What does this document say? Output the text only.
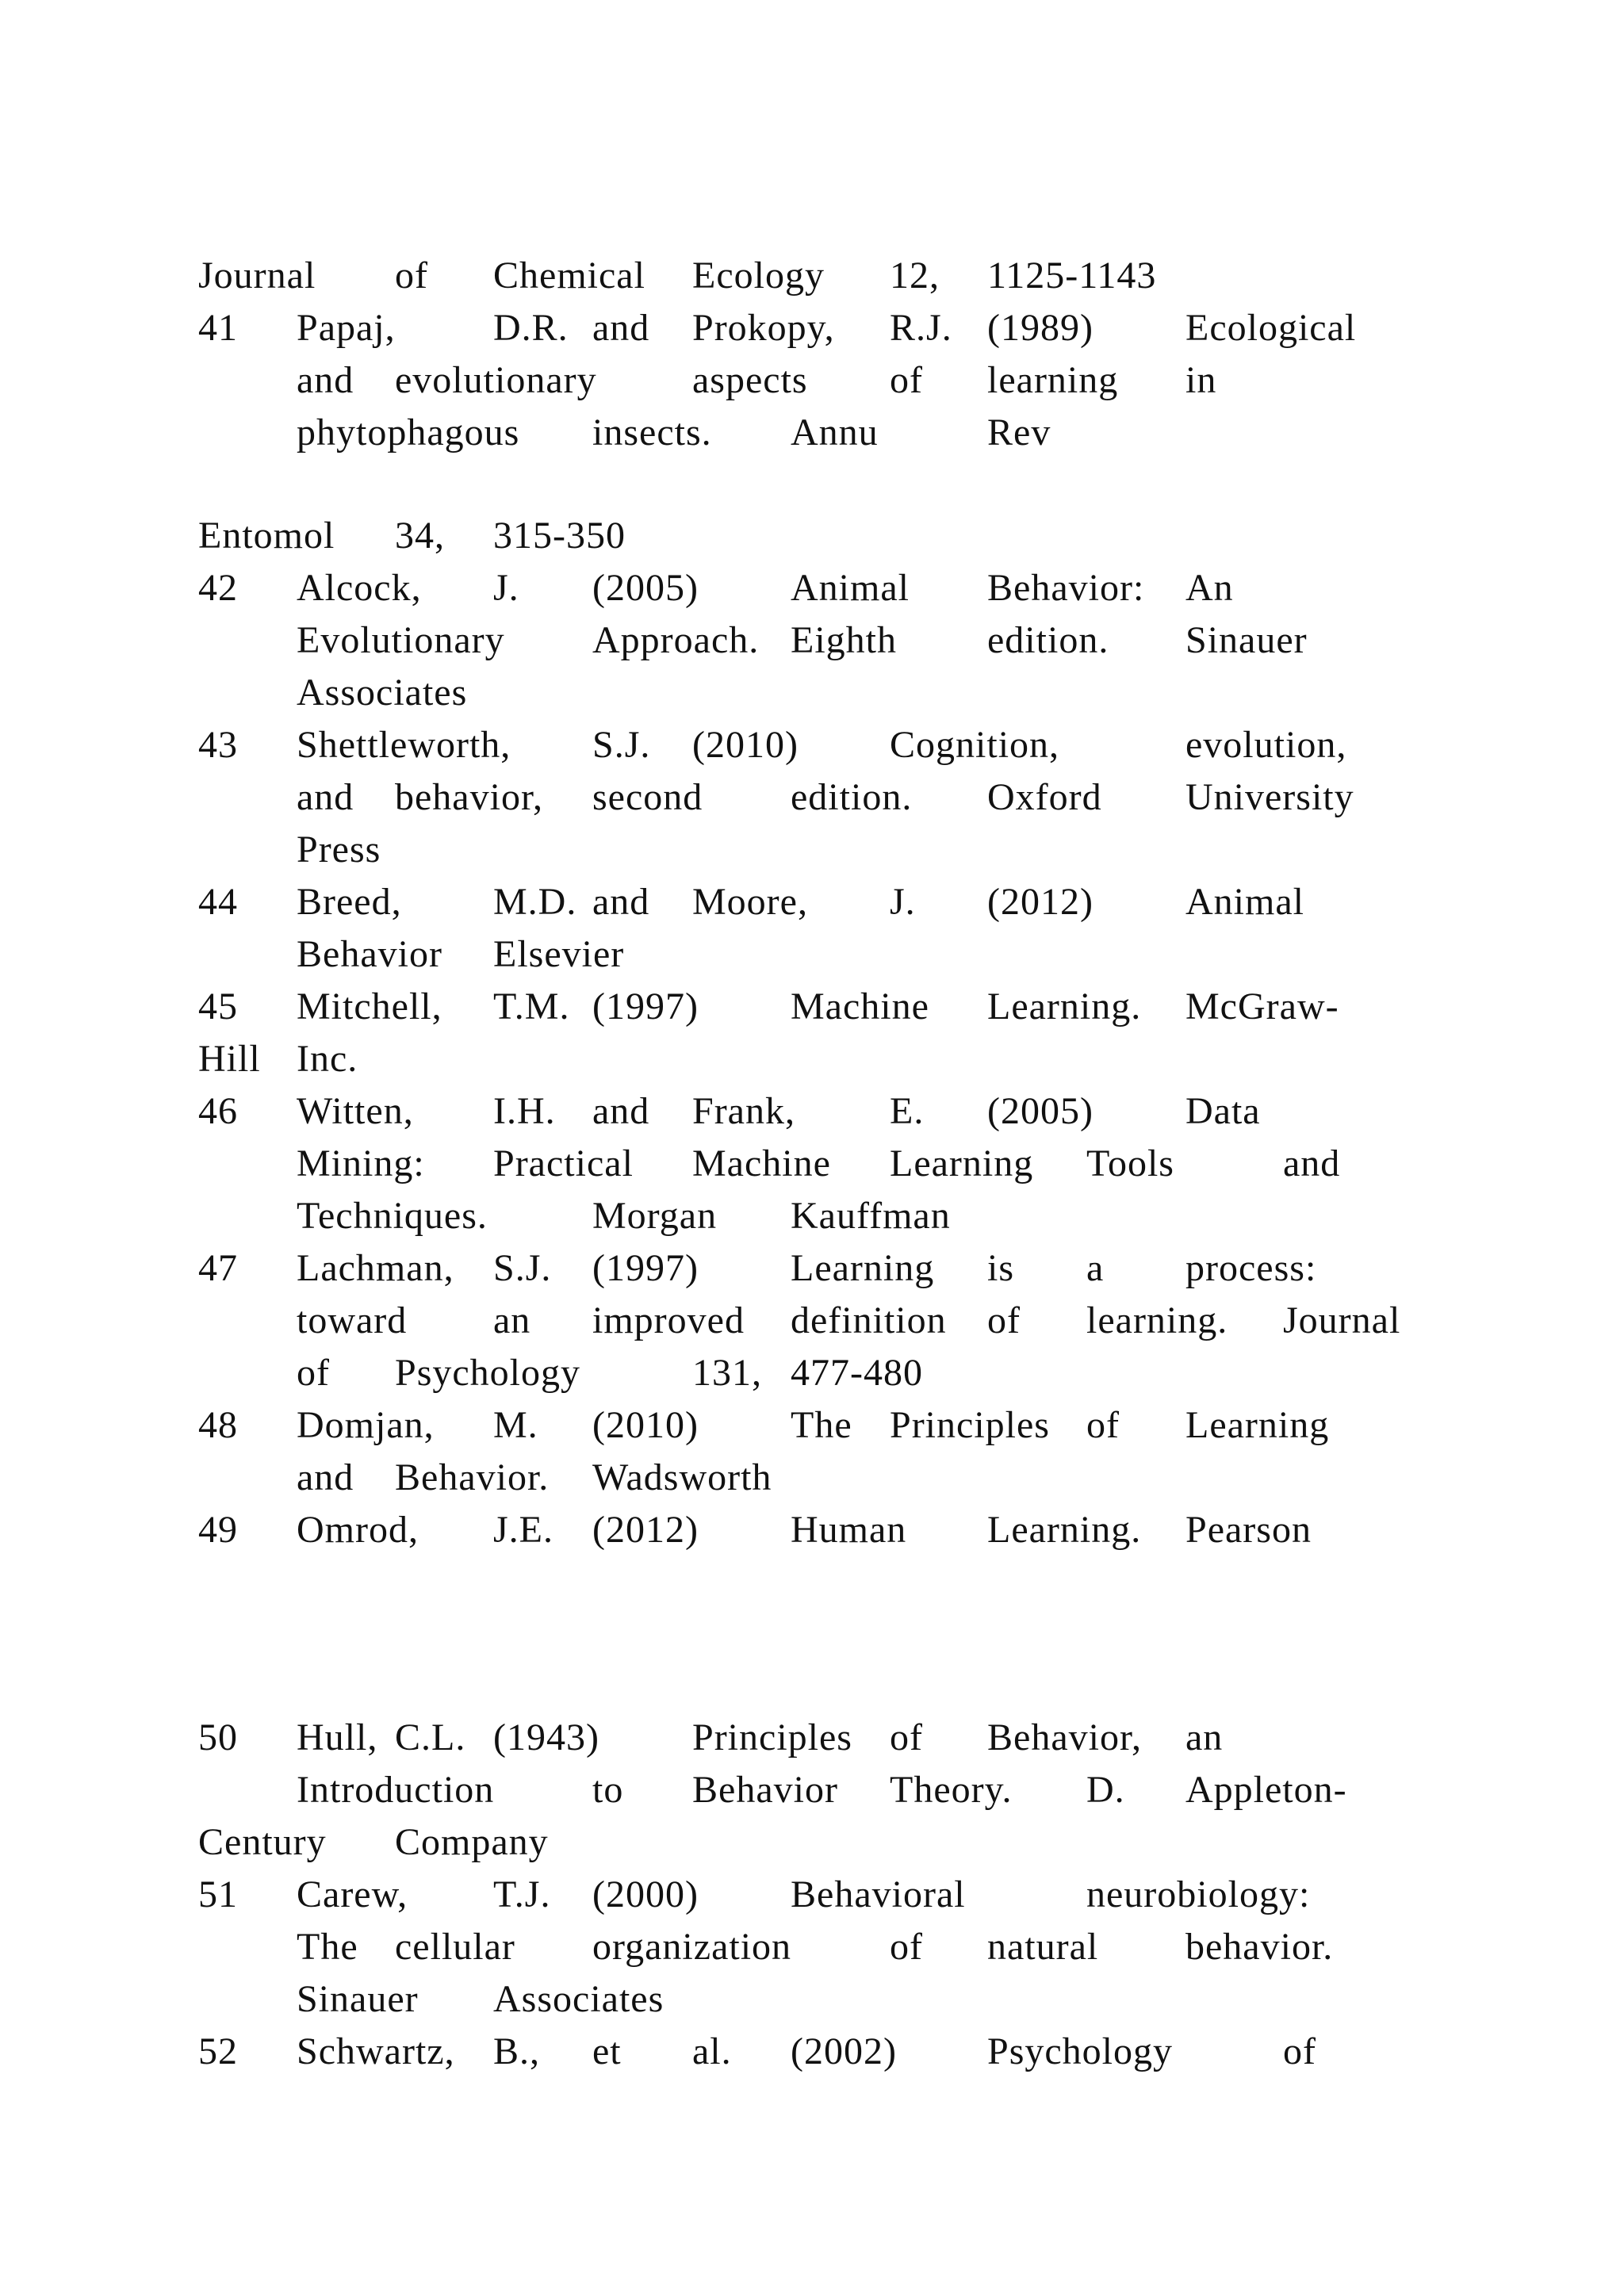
Journal of Chemical Ecology 12, 1125-1143
41 Papaj,	D.R. and Prokopy, R.J. (1989) Ecological
and evolutionary	aspects of learning in
phytophagous insects. Annu	Rev
Entomol 34, 315-350
42 Alcock, J. (2005) Animal Behavior: An
Evolutionary Approach. Eighth edition. Sinauer
Associates
43 Shettleworth, S.J. (2010) Cognition,	evolution,
and behavior, second edition. Oxford University
Press
44 Breed, M.D. and Moore, J. (2012) Animal
Behavior Elsevier
45 Mitchell, T.M. (1997) Machine Learning. McGraw-
Hill Inc.
46 Witten, I.H. and Frank, E. (2005) Data
Mining: Practical Machine Learning Tools	and
Techniques.	Morgan Kauffman
47 Lachman, S.J. (1997) Learning is a process:
toward an improved definition of learning. Journal
of Psychology	131, 477-480
48 Domjan, M. (2010) The Principles of Learning
and Behavior. Wadsworth
49 Omrod, J.E. (2012) Human Learning. Pearson
50 Hull, C.L. (1943) Principles of Behavior, an
Introduction	to Behavior Theory. D. Appleton-
Century Company
51 Carew, T.J. (2000) Behavioral	neurobiology:
The cellular organization	of natural behavior.
Sinauer Associates
52 Schwartz, B., et al. (2002) Psychology	of
